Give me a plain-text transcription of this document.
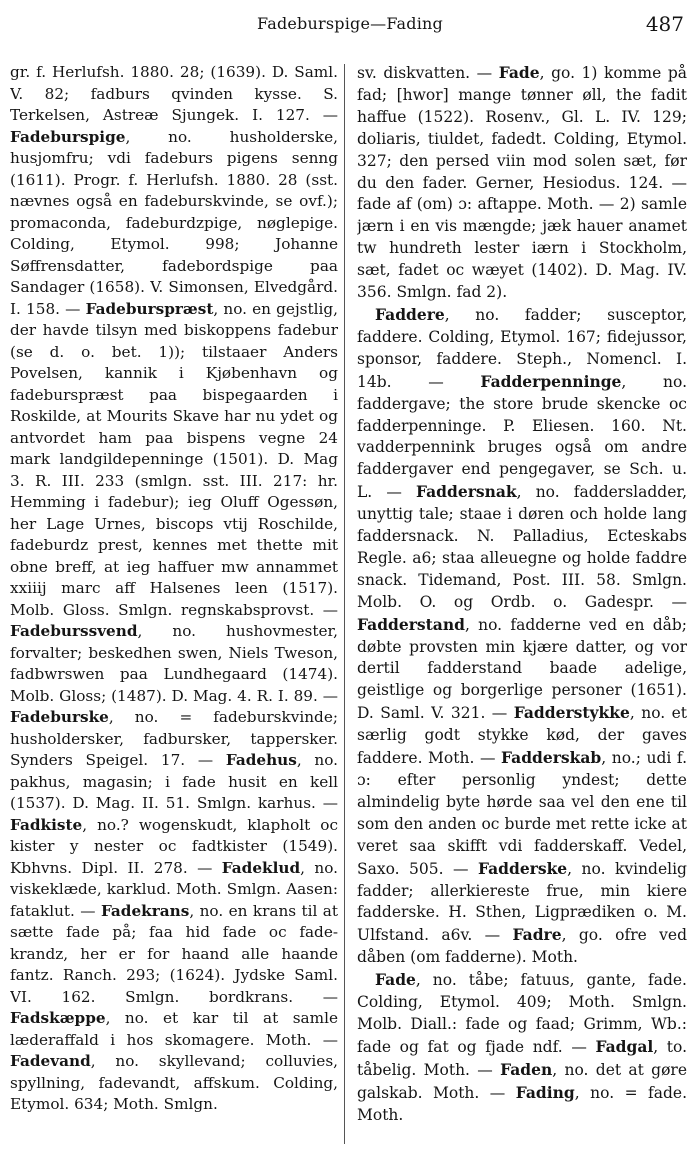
Fadeburspige—Fading	487

gr. f. Herlufsh. 1880. 28; (1639). D. Saml. V. 82; fadburs qvinden kysse. S. Terkelsen, Astreæ Sjungek. I. 127. — Fadeburspige, no. husholderske, husjomfru; vdi fadeburs pigens senng (1611). Progr. f. Herlufsh. 1880. 28 (sst. nævnes også en fadeburskvinde, se ovf.); promaconda, fadeburdzpige, nøglepige. Colding, Etymol. 998; Johanne Søffrensdatter, fadebordspige paa Sandager (1658). V. Simonsen, Elvedgård. I. 158. — Fadeburspræst, no. en gejstlig, der havde tilsyn med biskoppens fadebur (se d. o. bet. 1)); tilstaaer Anders Povelsen, kannik i Kjøbenhavn og fadeburspræst paa bispegaarden i Roskilde, at Mourits Skave har nu ydet og antvordet ham paa bispens vegne 24 mark landgildepenninge (1501). D. Mag 3. R. III. 233 (smlgn. sst. III. 217: hr. Hemming i fadebur); ieg Oluff Ogessøn, her Lage Urnes, biscops vtij Roschilde, fadeburdz prest, kennes met thette mit obne breff, at ieg haffuer mw annammet xxiiij marc aff Halsenes leen (1517). Molb. Gloss. Smlgn. regnskabsprovst. — Fadeburssvend, no. hushovmester, forvalter; beskedhen swen, Niels Tweson, fadbwrswen paa Lundhegaard (1474). Molb. Gloss; (1487). D. Mag. 4. R. I. 89. — Fadeburske, no. = fadeburskvinde; husholdersker, fadbursker, tappersker. Synders Speigel. 17. — Fadehus, no. pakhus, magasin; i fade husit en kell (1537). D. Mag. II. 51. Smlgn. karhus. — Fadkiste, no.? wogenskudt, klapholt oc kister y nester oc fadtkister (1549). Kbhvns. Dipl. II. 278. — Fadeklud, no. viskeklæde, karklud. Moth. Smlgn. Aasen: fataklut. — Fadekrans, no. en krans til at sætte fade på; faa hid fade oc fade-krandz, her er for haand alle haande fantz. Ranch. 293; (1624). Jydske Saml. VI. 162. Smlgn. bordkrans. — Fadskæppe, no. et kar til at samle læderaffald i hos skomagere. Moth. — Fadevand, no. skyllevand; colluvies, spyllning, fadevandt, affskum. Colding, Etymol. 634; Moth. Smlgn.

sv. diskvatten. — Fade, go. 1) komme på fad; [hwor] mange tønner øll, the fadit haffue (1522). Rosenv., Gl. L. IV. 129; doliaris, tiuldet, fadedt. Colding, Etymol. 327; den persed viin mod solen sæt, før du den fader. Gerner, Hesiodus. 124. — fade af (om) ɔ: aftappe. Moth. — 2) samle jærn i en vis mængde; jæk hauer anamet tw hundreth lester iærn i Stockholm, sæt, fadet oc wæyet (1402). D. Mag. IV. 356. Smlgn. fad 2).

Faddere, no. fadder; susceptor, faddere. Colding, Etymol. 167; fidejussor, sponsor, faddere. Steph., Nomencl. I. 14b. — Fadderpenninge, no. faddergave; the store brude skencke oc fadderpenninge. P. Eliesen. 160. Nt. vadderpennink bruges også om andre faddergaver end pengegaver, se Sch. u. L. — Faddersnak, no. faddersladder, unyttig tale; staae i døren och holde lang faddersnack. N. Palladius, Ecteskabs Regle. a6; staa alleuegne og holde faddre snack. Tidemand, Post. III. 58. Smlgn. Molb. O. og Ordb. o. Gadespr. — Fadderstand, no. fadderne ved en dåb; døbte provsten min kjære datter, og vor dertil fadderstand baade adelige, geistlige og borgerlige personer (1651). D. Saml. V. 321. — Fadderstykke, no. et særlig godt stykke kød, der gaves faddere. Moth. — Fadderskab, no.; udi f. ɔ: efter personlig yndest; dette almindelig byte hørde saa vel den ene til som den anden oc burde met rette icke at veret saa skifft vdi fadderskaff. Vedel, Saxo. 505. — Fadderske, no. kvindelig fadder; allerkiereste frue, min kiere fadderske. H. Sthen, Ligprædiken o. M. Ulfstand. a6v. — Fadre, go. ofre ved dåben (om fadderne). Moth.

Fade, no. tåbe; fatuus, gante, fade. Colding, Etymol. 409; Moth. Smlgn. Molb. Diall.: fade og faad; Grimm, Wb.: fade og fat og fjade ndf. — Fadgal, to. tåbelig. Moth. — Faden, no. det at gøre galskab. Moth. — Fading, no. = fade. Moth.
